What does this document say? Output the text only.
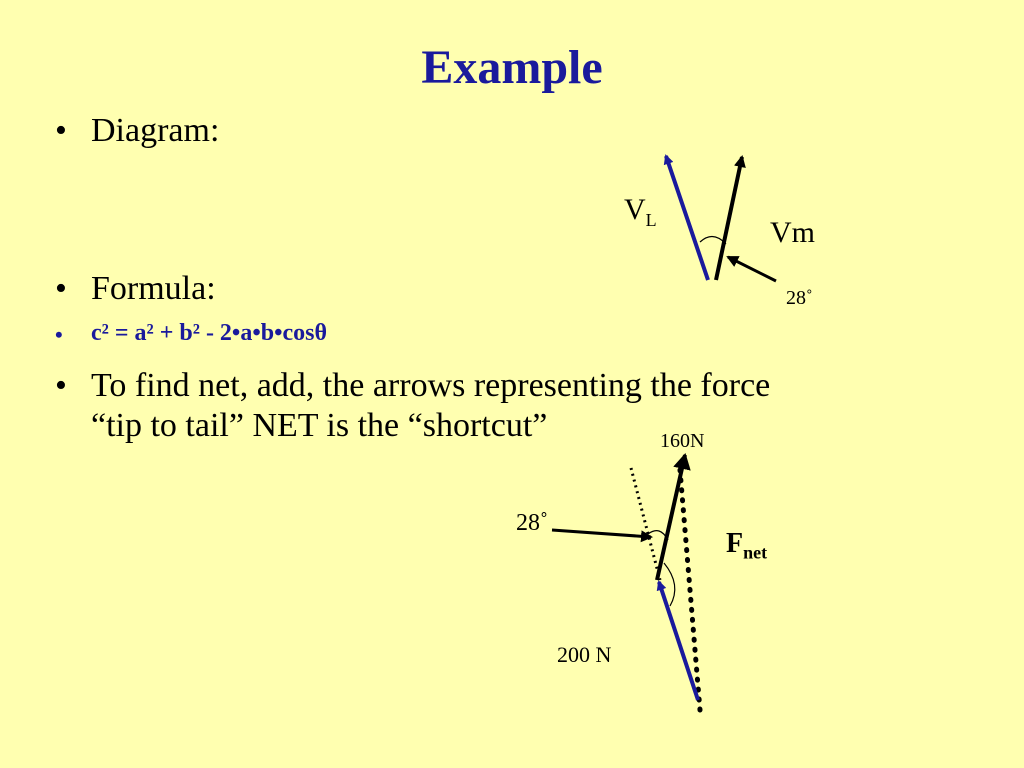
Example
• Diagram:
• Formula:
• c² = a² + b² - 2•a•b•cosθ
• To find net, add, the arrows representing the force
“tip to tail” NET is the “shortcut”
$V_L$	Vm
28˚
160N
28˚
$F_{net}$
200 N
